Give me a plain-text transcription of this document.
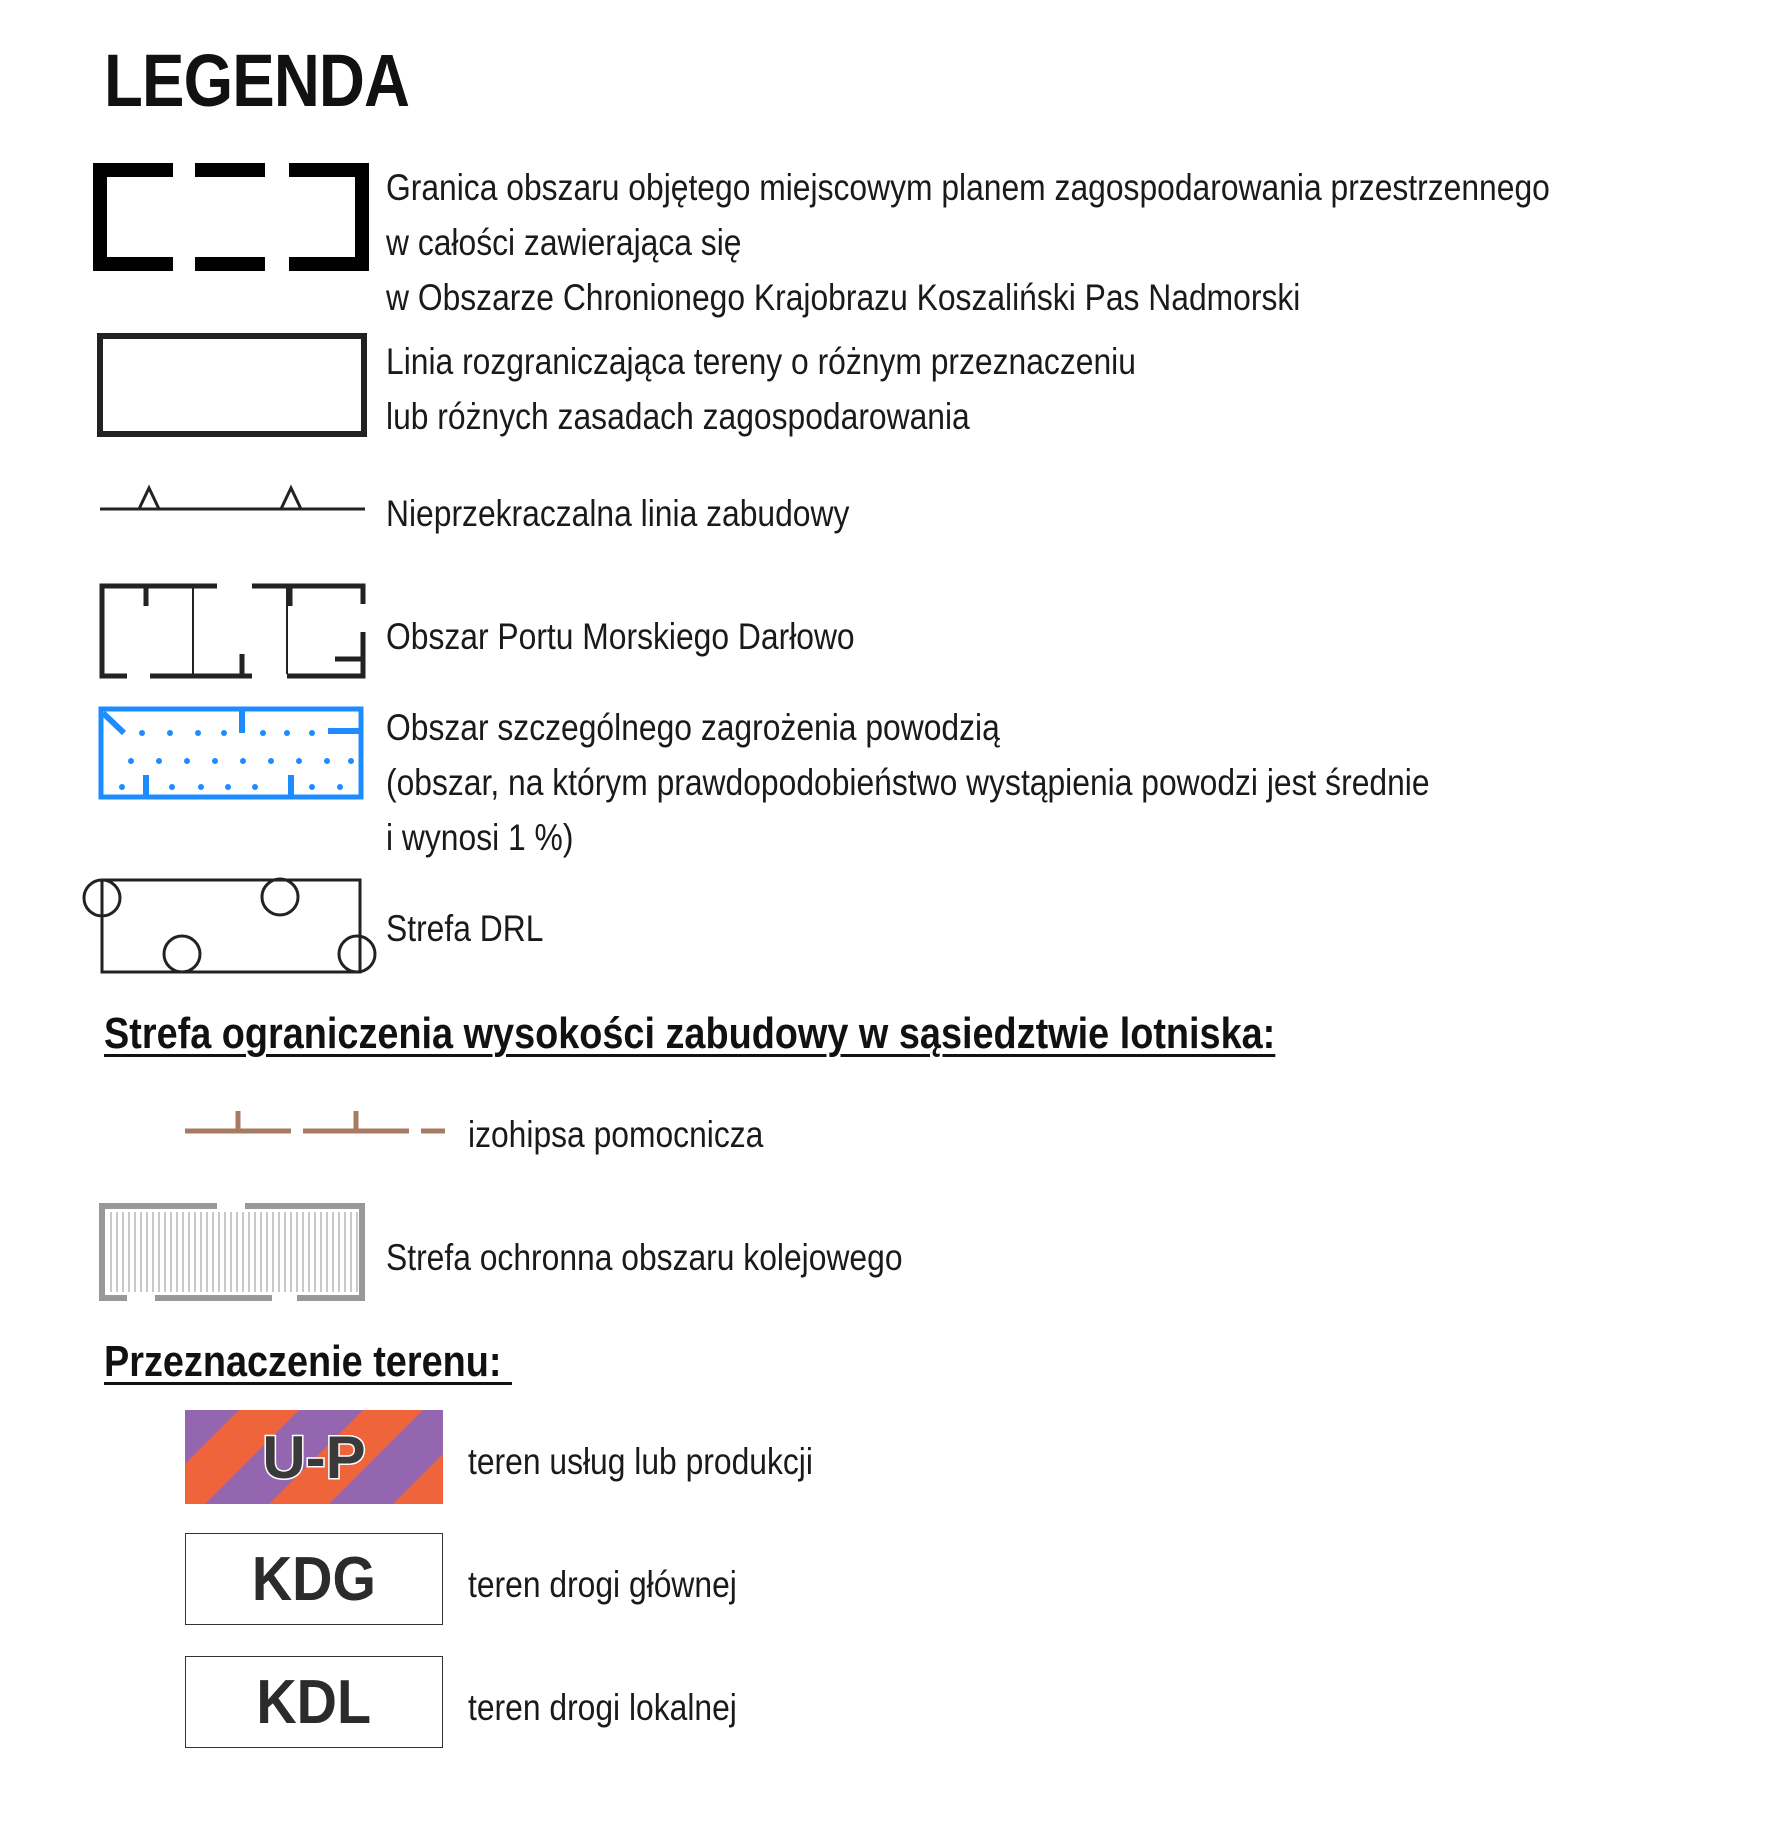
LEGENDA
Granica obszaru objętego miejscowym planem zagospodarowania przestrzennego
w całości zawierająca się
w Obszarze Chronionego Krajobrazu Koszaliński Pas Nadmorski
Linia rozgraniczająca tereny o różnym przeznaczeniu
lub różnych zasadach zagospodarowania
Nieprzekraczalna linia zabudowy
Obszar Portu Morskiego Darłowo
Obszar szczególnego zagrożenia powodzią
(obszar, na którym prawdopodobieństwo wystąpienia powodzi jest średnie
i wynosi 1 %)
Strefa DRL
Strefa ograniczenia wysokości zabudowy w sąsiedztwie lotniska:
izohipsa pomocnicza
Strefa ochronna obszaru kolejowego
Przeznaczenie terenu:
U-P	teren usług lub produkcji
KDG teren drogi głównej
KDL	teren drogi lokalnej
